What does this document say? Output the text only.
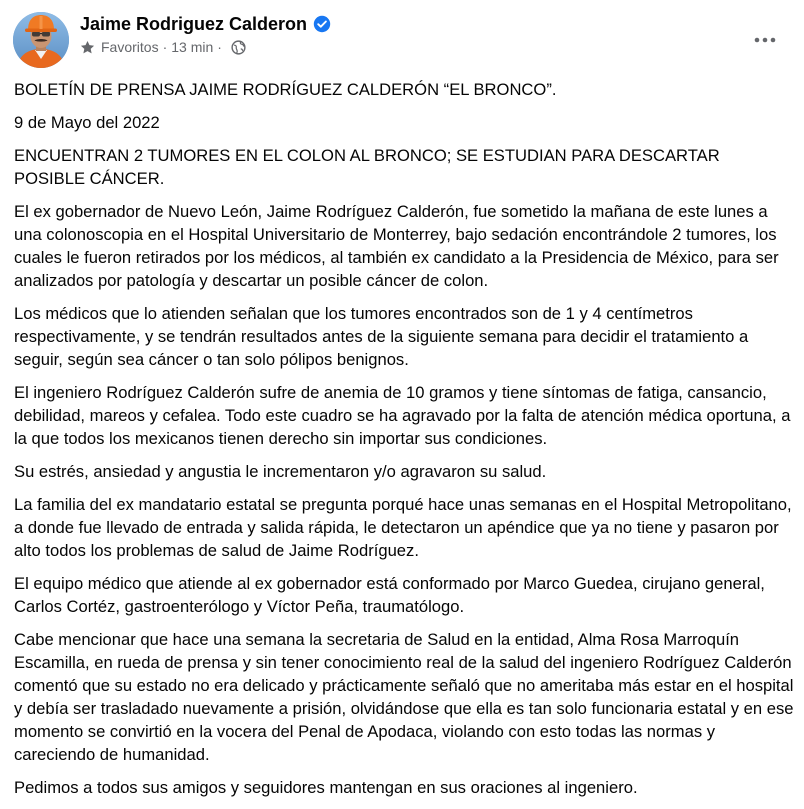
Jaime Rodriguez Calderon
Favoritos · 13 min ·

BOLETÍN DE PRENSA JAIME RODRÍGUEZ CALDERÓN “EL BRONCO”.

9 de Mayo del 2022

ENCUENTRAN 2 TUMORES EN EL COLON AL BRONCO; SE ESTUDIAN PARA DESCARTAR POSIBLE CÁNCER.

El ex gobernador de Nuevo León, Jaime Rodríguez Calderón, fue sometido la mañana de este lunes a una colonoscopia en el Hospital Universitario de Monterrey, bajo sedación encontrándole 2 tumores, los cuales le fueron retirados por los médicos, al también ex candidato a la Presidencia de México, para ser analizados por patología y descartar un posible cáncer de colon.

Los médicos que lo atienden señalan que los tumores encontrados son de 1 y 4 centímetros respectivamente, y se tendrán resultados antes de la siguiente semana para decidir el tratamiento a seguir, según sea cáncer o tan solo pólipos benignos.

El ingeniero Rodríguez Calderón sufre de anemia de 10 gramos y tiene síntomas de fatiga, cansancio, debilidad, mareos y cefalea. Todo este cuadro se ha agravado por la falta de atención médica oportuna, a la que todos los mexicanos tienen derecho sin importar sus condiciones.

Su estrés, ansiedad y angustia le incrementaron y/o agravaron su salud.

La familia del ex mandatario estatal se pregunta porqué hace unas semanas en el Hospital Metropolitano, a donde fue llevado de entrada y salida rápida, le detectaron un apéndice que ya no tiene y pasaron por alto todos los problemas de salud de Jaime Rodríguez.

El equipo médico que atiende al ex gobernador está conformado por Marco Guedea, cirujano general, Carlos Cortéz, gastroenterólogo y Víctor Peña, traumatólogo.

Cabe mencionar que hace una semana la secretaria de Salud en la entidad, Alma Rosa Marroquín Escamilla, en rueda de prensa y sin tener conocimiento real de la salud del ingeniero Rodríguez Calderón comentó que su estado no era delicado y prácticamente señaló que no ameritaba más estar en el hospital y debía ser trasladado nuevamente a prisión, olvidándose que ella es tan solo funcionaria estatal y en ese momento se convirtió en la vocera del Penal de Apodaca, violando con esto todas las normas y careciendo de humanidad.

Pedimos a todos sus amigos y seguidores mantengan en sus oraciones al ingeniero.
